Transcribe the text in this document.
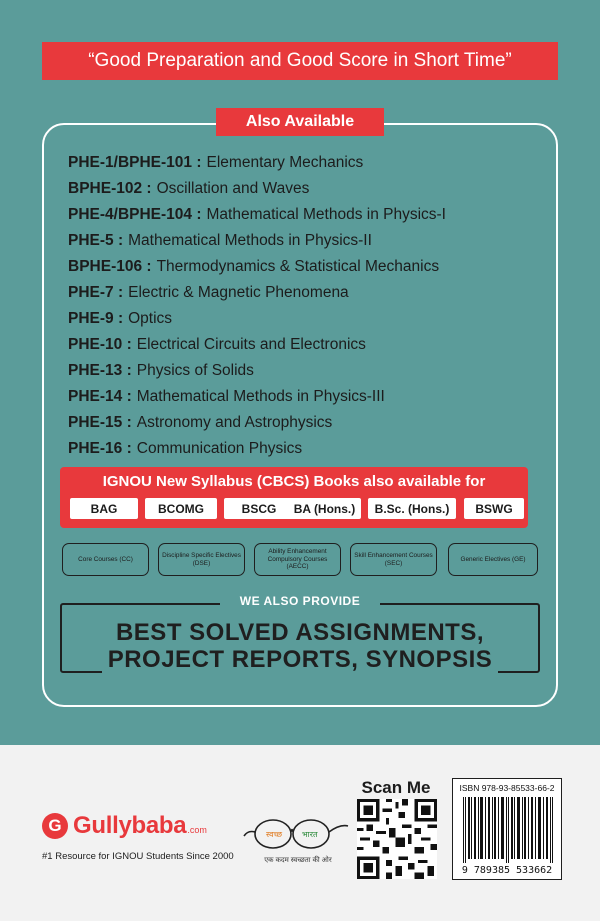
“Good Preparation and Good Score in Short Time”
Also Available
PHE-1/BPHE-101 : Elementary Mechanics
BPHE-102 : Oscillation and Waves
PHE-4/BPHE-104 : Mathematical Methods in Physics-I
PHE-5 : Mathematical Methods in Physics-II
BPHE-106 : Thermodynamics & Statistical Mechanics
PHE-7 : Electric & Magnetic Phenomena
PHE-9 : Optics
PHE-10 : Electrical Circuits and Electronics
PHE-13 : Physics of Solids
PHE-14 : Mathematical Methods in Physics-III
PHE-15 : Astronomy and Astrophysics
PHE-16 : Communication Physics
IGNOU New Syllabus (CBCS) Books also available for
BAG	BCOMG	BSCG	BA (Hons.)	B.Sc. (Hons.)	BSWG
Core Courses (CC)
Discipline Specific Electives (DSE)
Ability Enhancement Compulsory Courses (AECC)
Skill Enhancement Courses (SEC)
Generic Electives (GE)
WE ALSO PROVIDE
BEST SOLVED ASSIGNMENTS,
PROJECT REPORTS, SYNOPSIS
G Gullybaba .com
#1 Resource for IGNOU Students Since 2000
स्वच्छ भारत
एक कदम स्वच्छता की ओर
Scan Me	ISBN 978-93-85533-66-2
9 789385 533662
